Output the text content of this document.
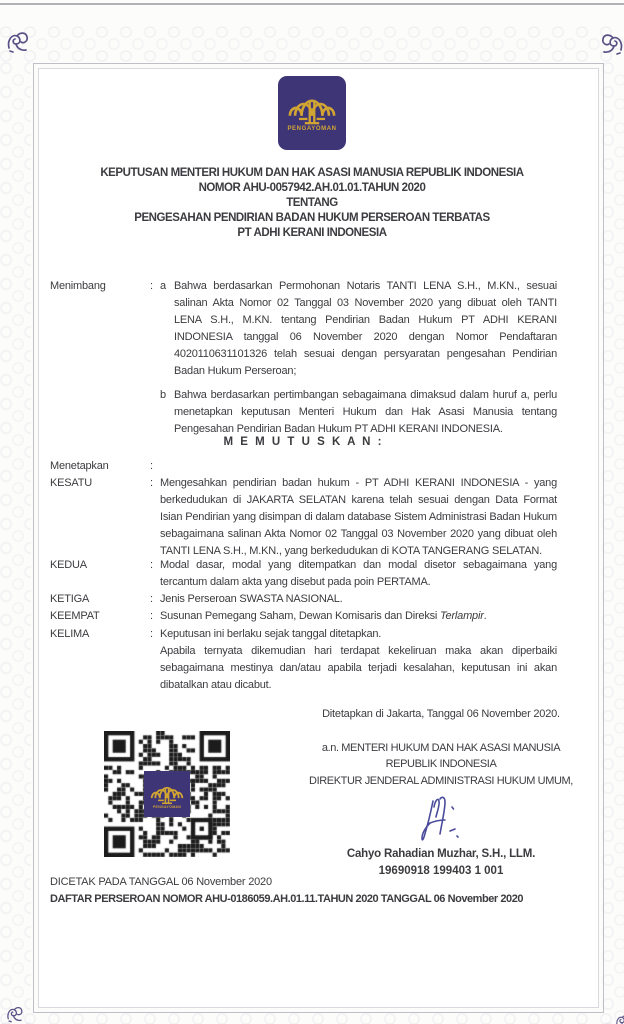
PENGAYOMAN
KEPUTUSAN MENTERI HUKUM DAN HAK ASASI MANUSIA REPUBLIK INDONESIA
NOMOR AHU-0057942.AH.01.01.TAHUN 2020
TENTANG
PENGESAHAN PENDIRIAN BADAN HUKUM PERSEROAN TERBATAS
PT ADHI KERANI INDONESIA
Menimbang	: a Bahwa berdasarkan Permohonan Notaris TANTI LENA S.H., M.KN., sesuai salinan Akta Nomor 02 Tanggal 03 November 2020 yang dibuat oleh TANTI LENA S.H., M.KN. tentang Pendirian Badan Hukum PT ADHI KERANI INDONESIA tanggal 06 November 2020 dengan Nomor Pendaftaran 4020110631101326 telah sesuai dengan persyaratan pengesahan Pendirian Badan Hukum Perseroan;
b Bahwa berdasarkan pertimbangan sebagaimana dimaksud dalam huruf a, perlu menetapkan keputusan Menteri Hukum dan Hak Asasi Manusia tentang Pengesahan Pendirian Badan Hukum PT ADHI KERANI INDONESIA.
M E M U T U S K A N :
Menetapkan	:
KESATU	: Mengesahkan pendirian badan hukum - PT ADHI KERANI INDONESIA - yang berkedudukan di JAKARTA SELATAN karena telah sesuai dengan Data Format Isian Pendirian yang disimpan di dalam database Sistem Administrasi Badan Hukum sebagaimana salinan Akta Nomor 02 Tanggal 03 November 2020 yang dibuat oleh TANTI LENA S.H., M.KN., yang berkedudukan di KOTA TANGERANG SELATAN.
KEDUA	: Modal dasar, modal yang ditempatkan dan modal disetor sebagaimana yang tercantum dalam akta yang disebut pada poin PERTAMA.
KETIGA	: Jenis Perseroan SWASTA NASIONAL.
KEEMPAT	: Susunan Pemegang Saham, Dewan Komisaris dan Direksi Terlampir.
KELIMA	: Keputusan ini berlaku sejak tanggal ditetapkan.
Apabila ternyata dikemudian hari terdapat kekeliruan maka akan diperbaiki sebagaimana mestinya dan/atau apabila terjadi kesalahan, keputusan ini akan dibatalkan atau dicabut.
Ditetapkan di Jakarta, Tanggal 06 November 2020.
a.n. MENTERI HUKUM DAN HAK ASASI MANUSIA
REPUBLIK INDONESIA
DIREKTUR JENDERAL ADMINISTRASI HUKUM UMUM,
Cahyo Rahadian Muzhar, S.H., LLM.
19690918 199403 1 001
PENGAYOMAN
DICETAK PADA TANGGAL 06 November 2020
DAFTAR PERSEROAN NOMOR AHU-0186059.AH.01.11.TAHUN 2020 TANGGAL 06 November 2020
